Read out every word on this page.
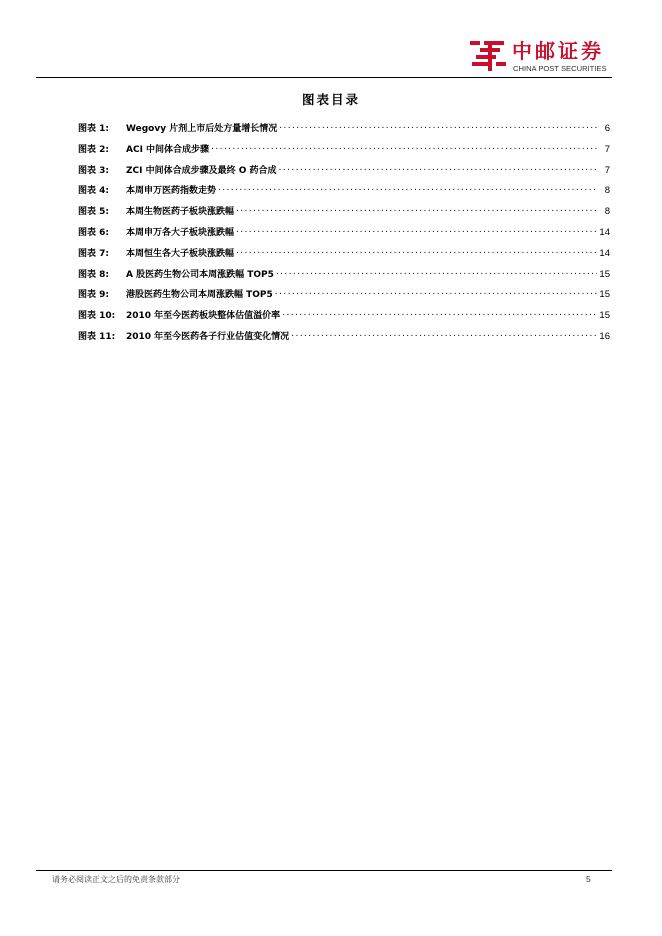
中邮证券
CHINA POST SECURITIES
图表目录
图表 1:	Wegovy 片剂上市后处方量增长情况 .....	6
图表 2:	ACI 中间体合成步骤 .....	7
图表 3:	ZCI 中间体合成步骤及最终 O 药合成 .....	7
图表 4:	本周申万医药指数走势 .....	8
图表 5:	本周生物医药子板块涨跌幅 .....	8
图表 6:	本周申万各大子板块涨跌幅 .....	14
图表 7:	本周恒生各大子板块涨跌幅 .....	14
图表 8:	A 股医药生物公司本周涨跌幅 TOP5 .....	15
图表 9:	港股医药生物公司本周涨跌幅 TOP5 .....	15
图表 10:	2010 年至今医药板块整体估值溢价率 .....	15
图表 11:	2010 年至今医药各子行业估值变化情况 .....	16
请务必阅读正文之后的免责条款部分	5
